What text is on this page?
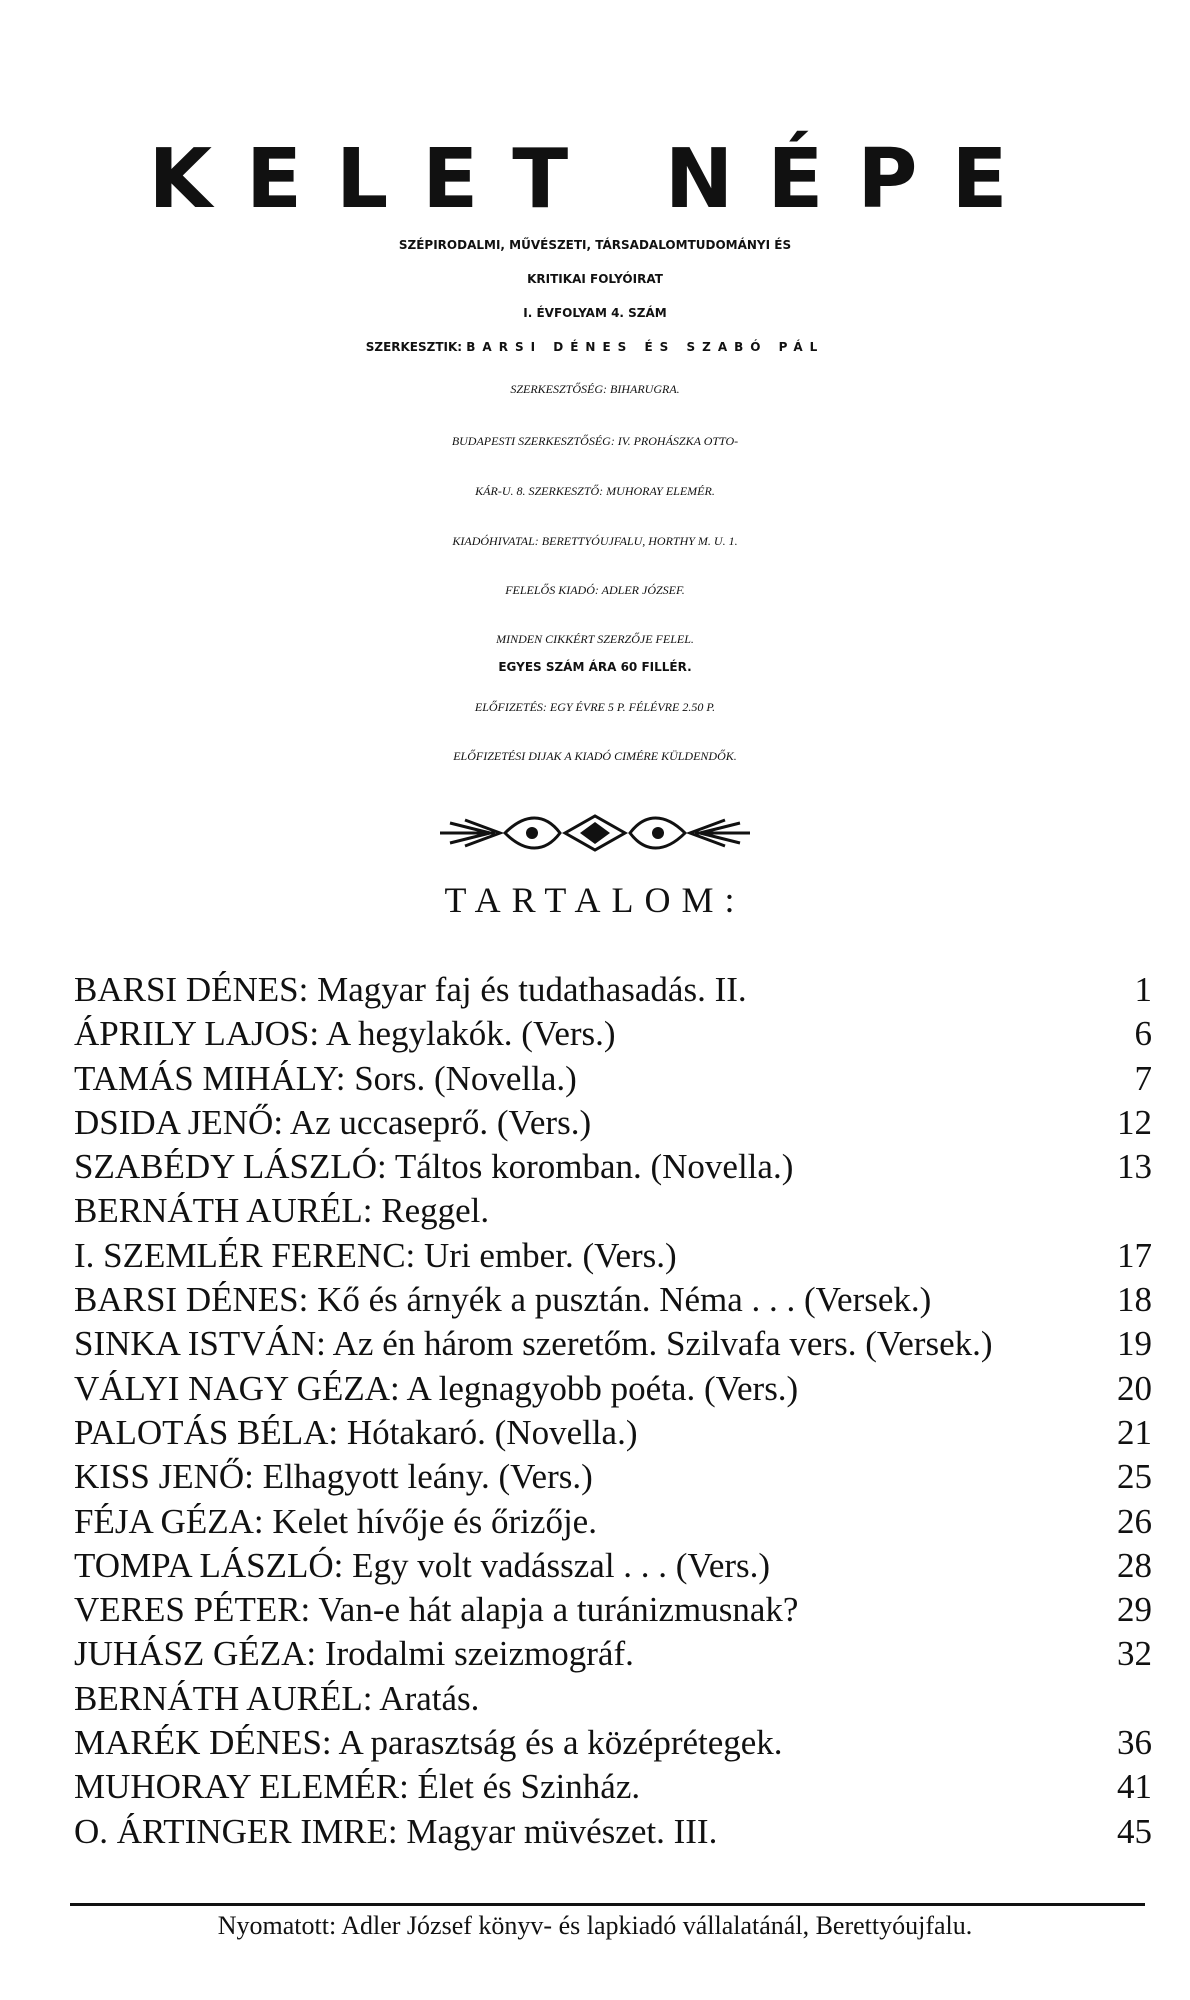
KELET NÉPE
SZÉPIRODALMI, MŰVÉSZETI, TÁRSADALOMTUDOMÁNYI ÉS
KRITIKAI FOLYÓIRAT
I. ÉVFOLYAM 4. SZÁM
SZERKESZTIK: BARSI DÉNES ÉS SZABÓ PÁL
SZERKESZTŐSÉG: BIHARUGRA.
BUDAPESTI SZERKESZTŐSÉG: IV. PROHÁSZKA OTTO-
KÁR-U. 8. SZERKESZTŐ: MUHORAY ELEMÉR.
KIADÓHIVATAL: BERETTYÓUJFALU, HORTHY M. U. 1.
FELELŐS KIADÓ: ADLER JÓZSEF.
MINDEN CIKKÉRT SZERZŐJE FELEL.
EGYES SZÁM ÁRA 60 FILLÉR.
ELŐFIZETÉS: EGY ÉVRE 5 P. FÉLÉVRE 2.50 P.
ELŐFIZETÉSI DIJAK A KIADÓ CIMÉRE KÜLDENDŐK.
TARTALOM:
BARSI DÉNES: Magyar faj és tudathasadás. II.	1
ÁPRILY LAJOS: A hegylakók. (Vers.)	6
TAMÁS MIHÁLY: Sors. (Novella.)	7
DSIDA JENŐ: Az uccaseprő. (Vers.)	12
SZABÉDY LÁSZLÓ: Táltos koromban. (Novella.)	13
BERNÁTH AURÉL: Reggel.
I. SZEMLÉR FERENC: Uri ember. (Vers.)	17
BARSI DÉNES: Kő és árnyék a pusztán. Néma . . . (Versek.)	18
SINKA ISTVÁN: Az én három szeretőm. Szilvafa vers. (Versek.)	19
VÁLYI NAGY GÉZA: A legnagyobb poéta. (Vers.)	20
PALOTÁS BÉLA: Hótakaró. (Novella.)	21
KISS JENŐ: Elhagyott leány. (Vers.)	25
FÉJA GÉZA: Kelet hívője és őrizője.	26
TOMPA LÁSZLÓ: Egy volt vadásszal . . . (Vers.)	28
VERES PÉTER: Van-e hát alapja a turánizmusnak?	29
JUHÁSZ GÉZA: Irodalmi szeizmográf.	32
BERNÁTH AURÉL: Aratás.
MARÉK DÉNES: A parasztság és a középrétegek.	36
MUHORAY ELEMÉR: Élet és Szinház.	41
O. ÁRTINGER IMRE: Magyar müvészet. III.	45
Nyomatott: Adler József könyv- és lapkiadó vállalatánál, Berettyóujfalu.
